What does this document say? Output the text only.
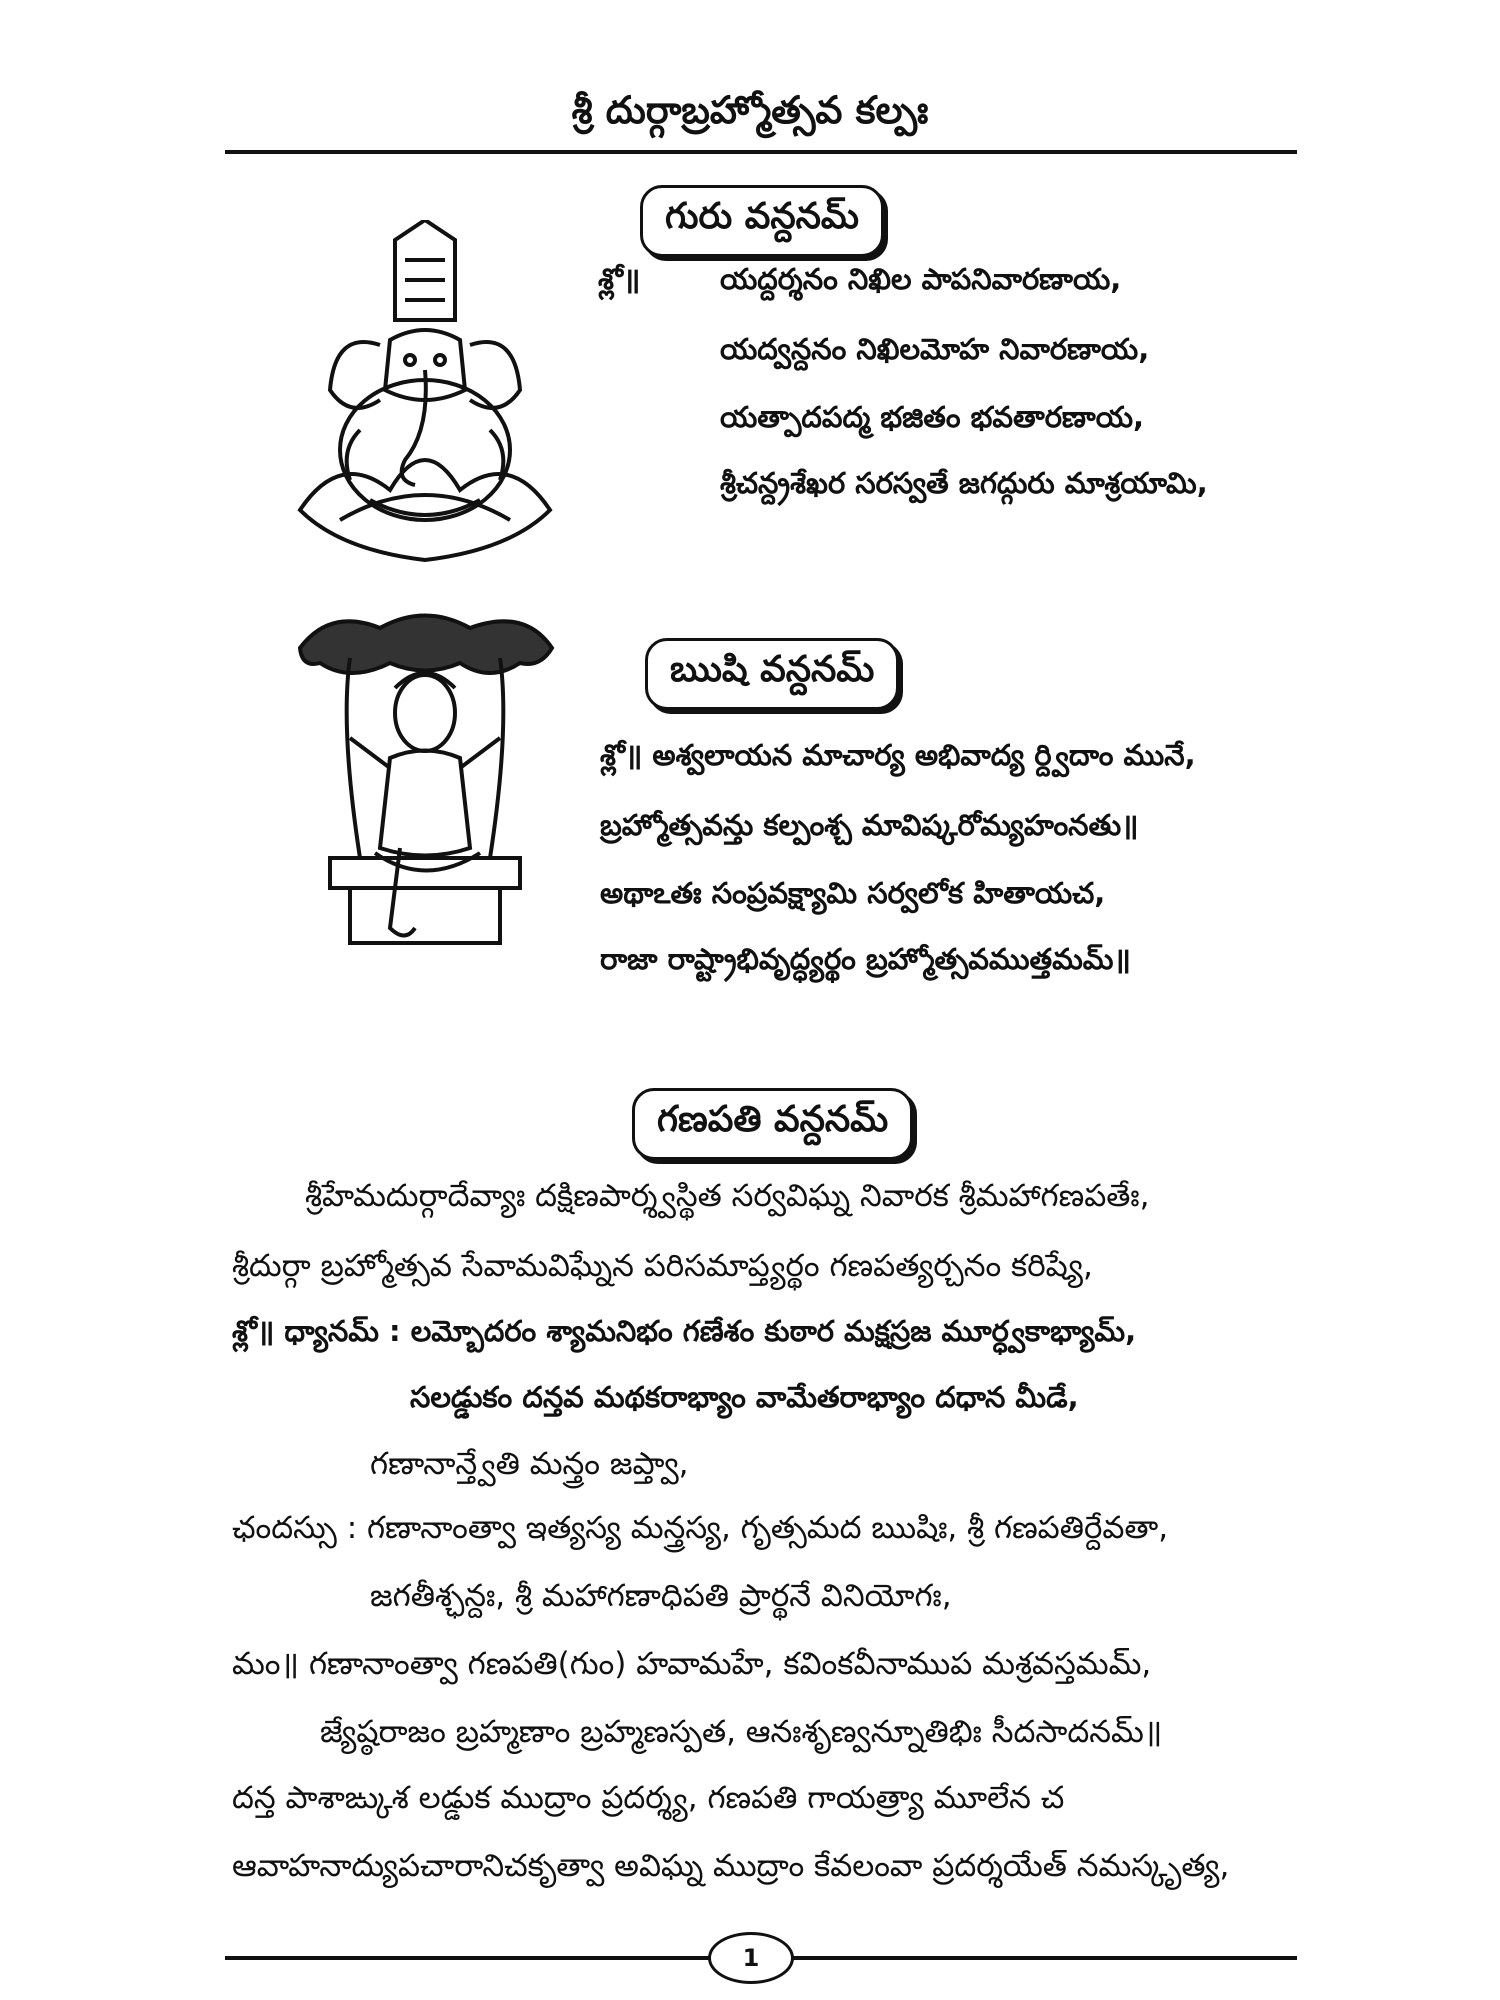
శ్రీ దుర్గాబ్రహ్మోత్సవ కల్పః
గురు వన్దనమ్
శ్లో॥	యద్దర్శనం నిఖిల పాపనివారణాయ,
యద్వన్దనం నిఖిలమోహ నివారణాయ,
యత్పాదపద్మ భజితం భవతారణాయ,
శ్రీచన్ద్రశేఖర సరస్వతే జగద్గురు మాశ్రయామి,
ఋషి వన్దనమ్
శ్లో॥ అశ్వలాయన మాచార్య అభివాద్య ర్ద్విదాం మునే,
బ్రహ్మోత్సవన్తు కల్పంశ్చ మావిష్కరోమ్యహంనతు॥
అథాఽతః సంప్రవక్ష్యామి సర్వలోక హితాయచ,
రాజా రాష్ట్రాభివృద్ధ్యర్థం బ్రహ్మోత్సవముత్తమమ్॥
గణపతి వన్దనమ్
శ్రీహేమదుర్గాదేవ్యాః దక్షిణపార్శ్వస్థిత సర్వవిఘ్న నివారక శ్రీమహాగణపతేః,
శ్రీదుర్గా బ్రహ్మోత్సవ సేవామవిఘ్నేన పరిసమాప్త్యర్థం గణపత్యర్చనం కరిష్యే,
శ్లో॥ ధ్యానమ్ : లమ్బోదరం శ్యామనిభం గణేశం కుఠార మక్షస్రజ మూర్ధ్వకాభ్యామ్,
సలడ్డుకం దన్తవ మథకరాభ్యాం వామేతరాభ్యాం దధాన మీడే,
గణానాన్త్వేతి మన్త్రం జప్త్వా,
ఛందస్సు : గణానాంత్వా ఇత్యస్య మన్త్రస్య, గృత్సమద ఋషిః, శ్రీ గణపతిర్దేవతా,
జగతీశ్ఛన్దః, శ్రీ మహాగణాధిపతి ప్రార్థనే వినియోగః,
మం॥ గణానాంత్వా గణపతి(గుం) హవామహే, కవింకవీనాముప మశ్రవస్తమమ్,
జ్యేష్ఠరాజం బ్రహ్మణాం బ్రహ్మణస్పత, ఆనఃశృణ్వన్నూతిభిః సీదసాదనమ్॥
దన్త పాశాఙ్కుశ లడ్డుక ముద్రాం ప్రదర్శ్య, గణపతి గాయత్ర్యా మూలేన చ
ఆవాహనాద్యుపచారానిచకృత్వా అవిఘ్న ముద్రాం కేవలంవా ప్రదర్శయేత్ నమస్కృత్య,
1
